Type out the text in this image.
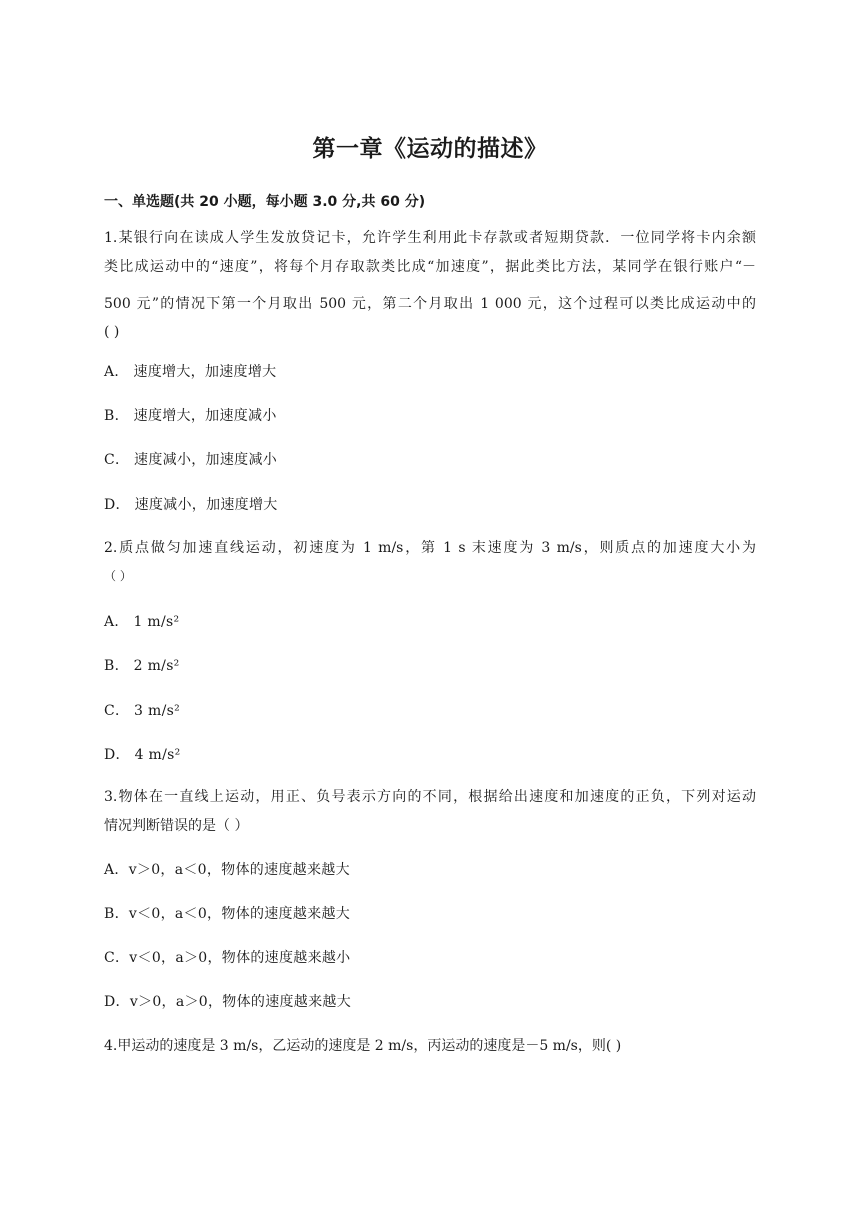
第一章《运动的描述》
一、单选题(共 20 小题，每小题 3.0 分,共 60 分)
1.某银行向在读成人学生发放贷记卡，允许学生利用此卡存款或者短期贷款．一位同学将卡内余额
类比成运动中的“速度”，将每个月存取款类比成“加速度”，据此类比方法，某同学在银行账户“－
500 元”的情况下第一个月取出 500 元，第二个月取出 1 000 元，这个过程可以类比成运动中的
( )
A． 速度增大，加速度增大
B． 速度增大，加速度减小
C． 速度减小，加速度减小
D． 速度减小，加速度增大
2.质点做匀加速直线运动，初速度为 1 m/s，第 1 s 末速度为 3 m/s，则质点的加速度大小为
（ ）
A． 1 m/s²
B． 2 m/s²
C． 3 m/s²
D． 4 m/s²
3.物体在一直线上运动，用正、负号表示方向的不同，根据给出速度和加速度的正负，下列对运动
情况判断错误的是（ ）
A．v＞0，a＜0，物体的速度越来越大
B．v＜0，a＜0，物体的速度越来越大
C．v＜0，a＞0，物体的速度越来越小
D．v＞0，a＞0，物体的速度越来越大
4.甲运动的速度是 3 m/s，乙运动的速度是 2 m/s，丙运动的速度是－5 m/s，则( )
